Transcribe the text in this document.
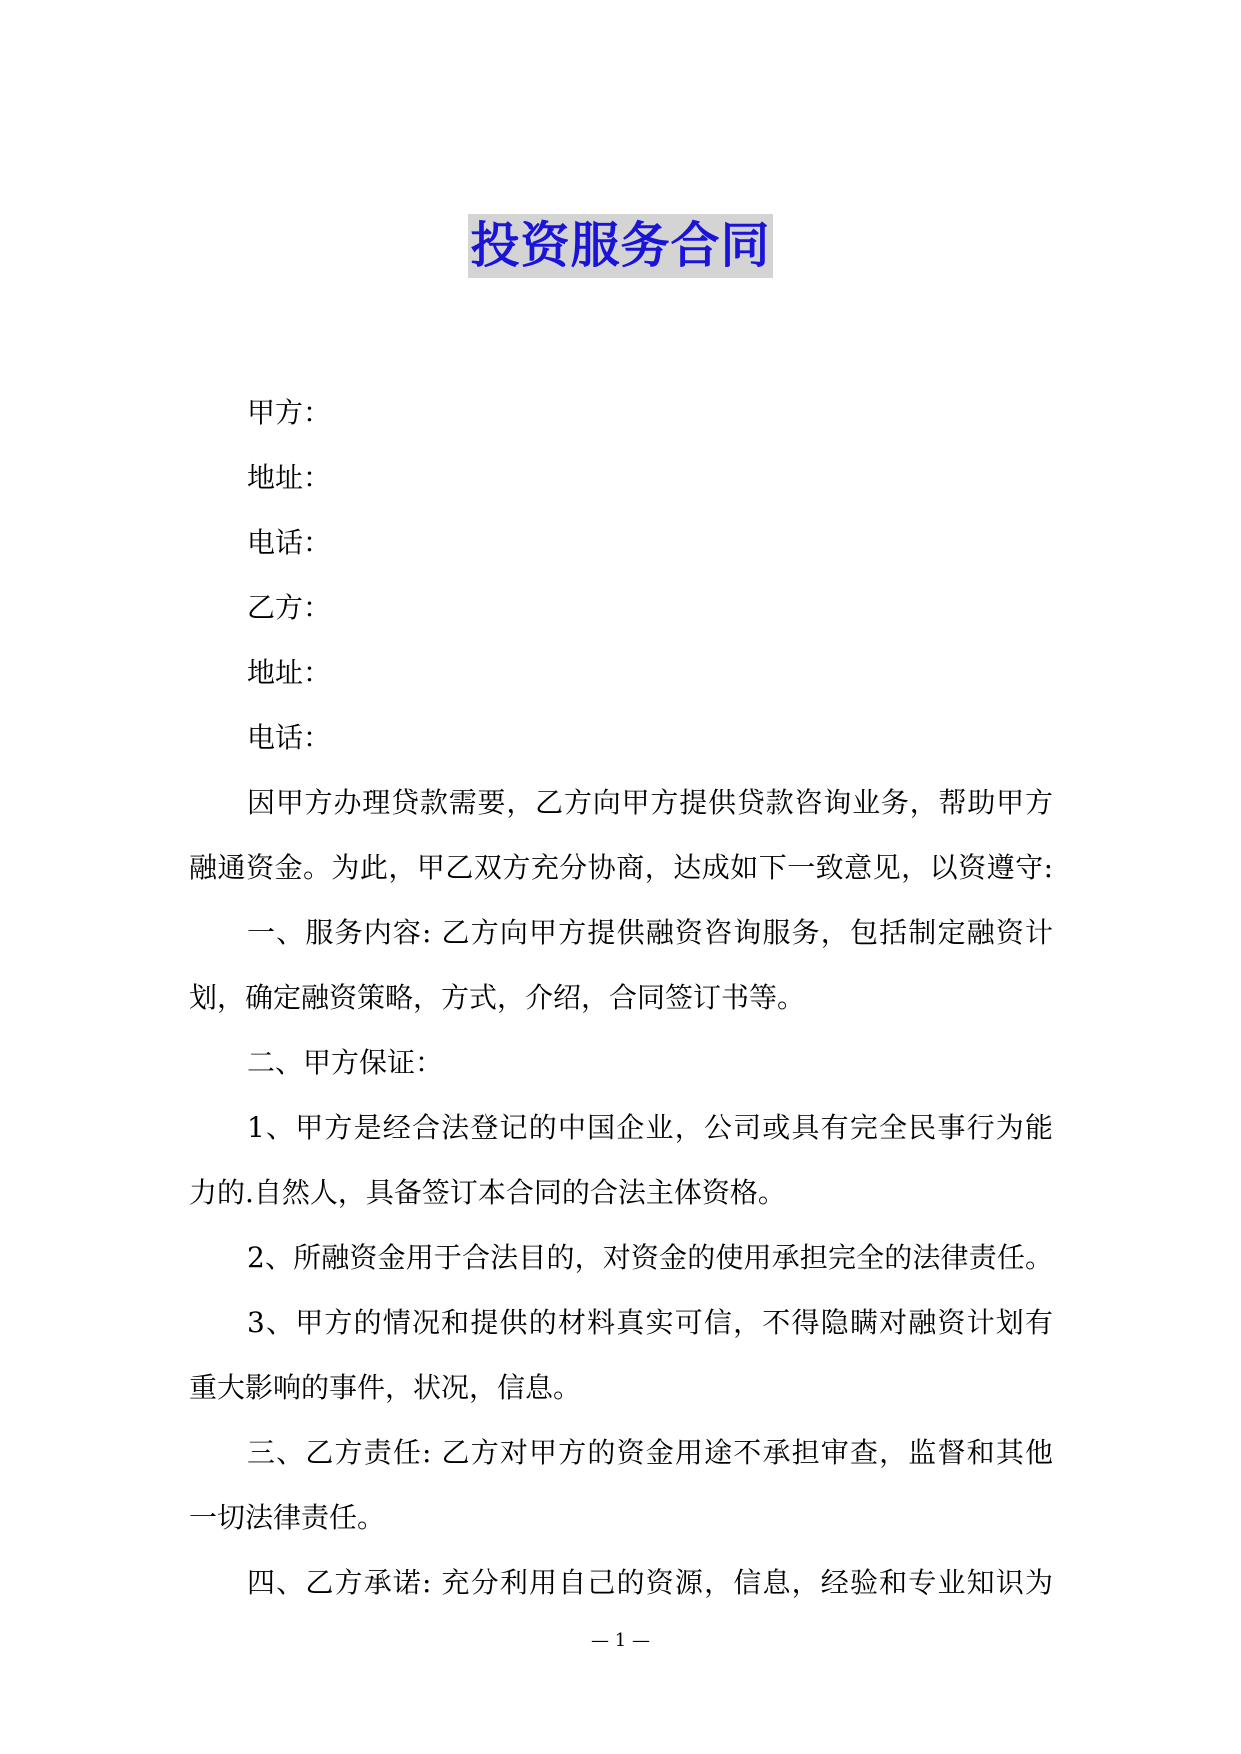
投资服务合同
甲方：
地址：
电话：
乙方：
地址：
电话：
因甲方办理贷款需要，乙方向甲方提供贷款咨询业务，帮助甲方
融通资金。为此，甲乙双方充分协商，达成如下一致意见，以资遵守:
一、服务内容: 乙方向甲方提供融资咨询服务，包括制定融资计
划，确定融资策略，方式，介绍，合同签订书等。
二、甲方保证：
1、甲方是经合法登记的中国企业，公司或具有完全民事行为能
力的.自然人，具备签订本合同的合法主体资格。
2、所融资金用于合法目的，对资金的使用承担完全的法律责任。
3、甲方的情况和提供的材料真实可信，不得隐瞒对融资计划有
重大影响的事件，状况，信息。
三、乙方责任: 乙方对甲方的资金用途不承担审查，监督和其他
一切法律责任。
四、乙方承诺: 充分利用自己的资源，信息，经验和专业知识为
— 1 —
